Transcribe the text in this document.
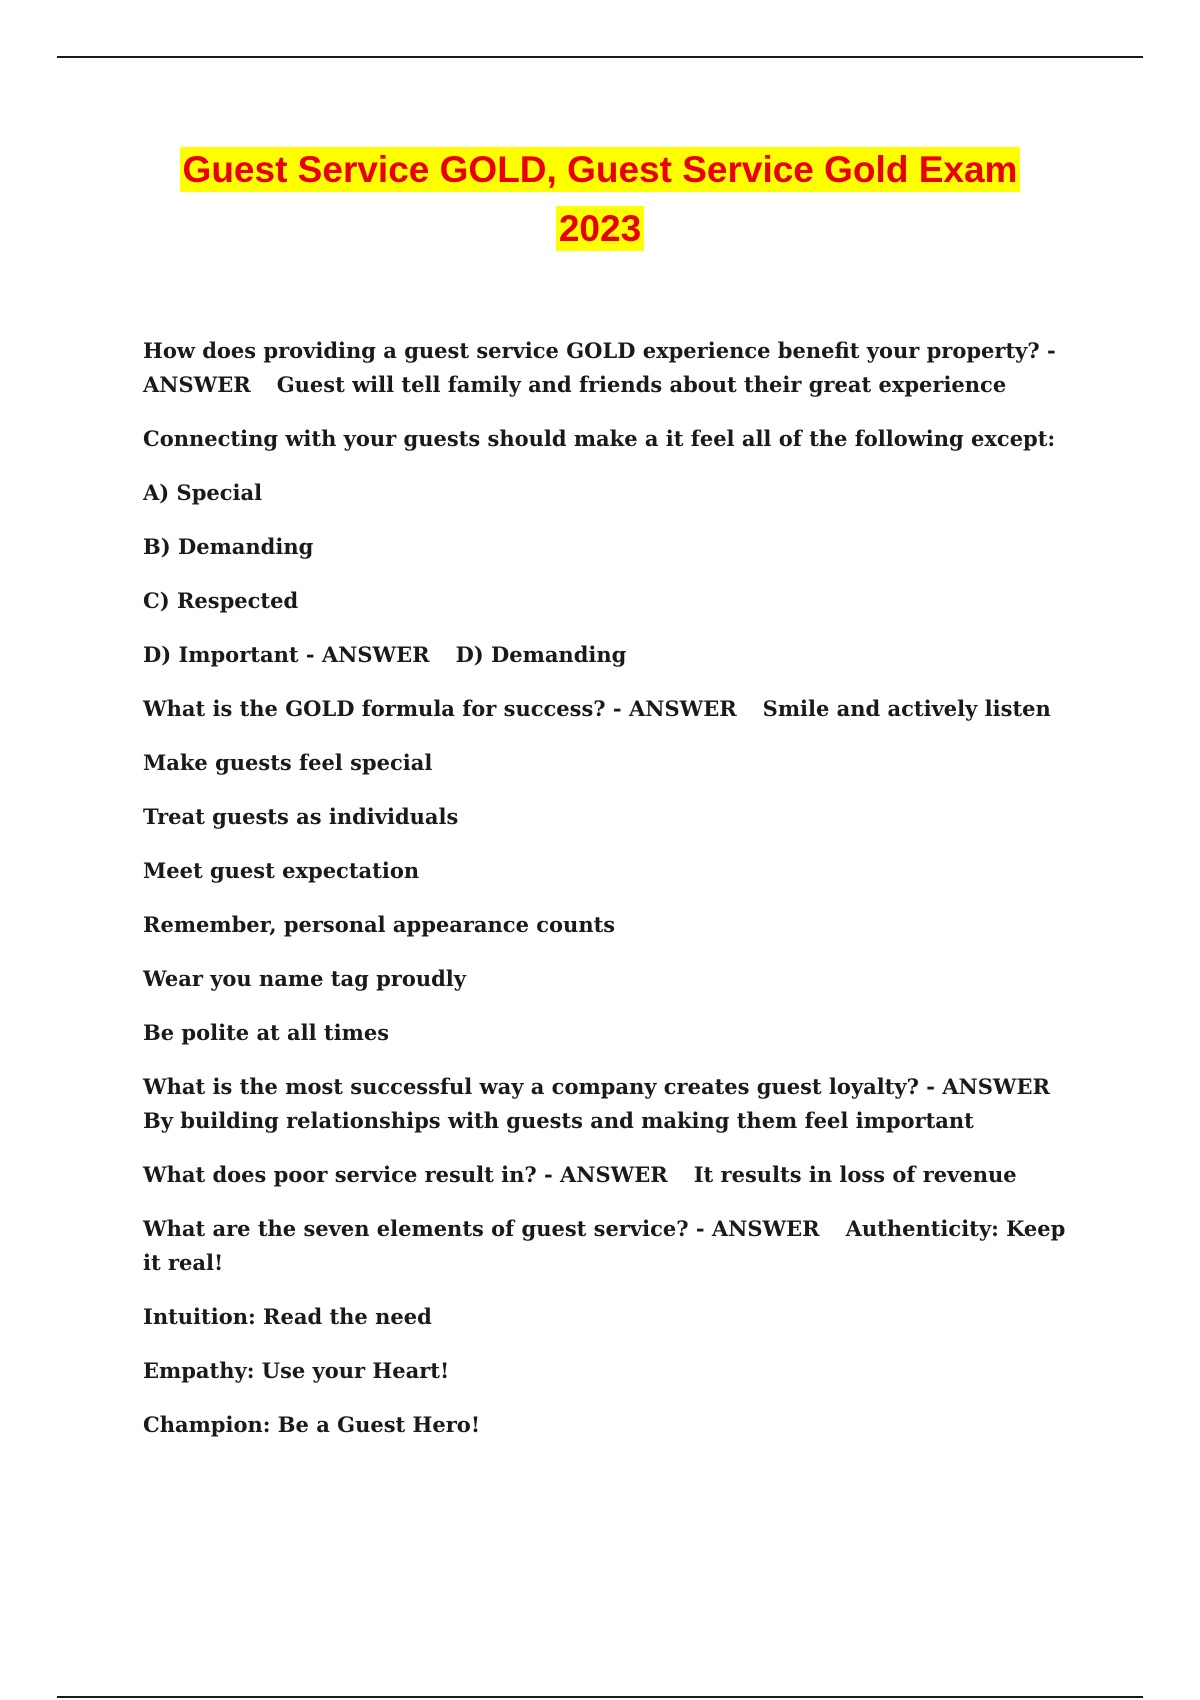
Guest Service GOLD, Guest Service Gold Exam
2023

How does providing a guest service GOLD experience benefit your property? - ANSWER Guest will tell family and friends about their great experience

Connecting with your guests should make a it feel all of the following except:

A) Special

B) Demanding

C) Respected

D) Important - ANSWER D) Demanding

What is the GOLD formula for success? - ANSWER Smile and actively listen

Make guests feel special

Treat guests as individuals

Meet guest expectation

Remember, personal appearance counts

Wear you name tag proudly

Be polite at all times

What is the most successful way a company creates guest loyalty? - ANSWERBy building relationships with guests and making them feel important

What does poor service result in? - ANSWER It results in loss of revenue

What are the seven elements of guest service? - ANSWER Authenticity: Keep it real!

Intuition: Read the need

Empathy: Use your Heart!

Champion: Be a Guest Hero!
